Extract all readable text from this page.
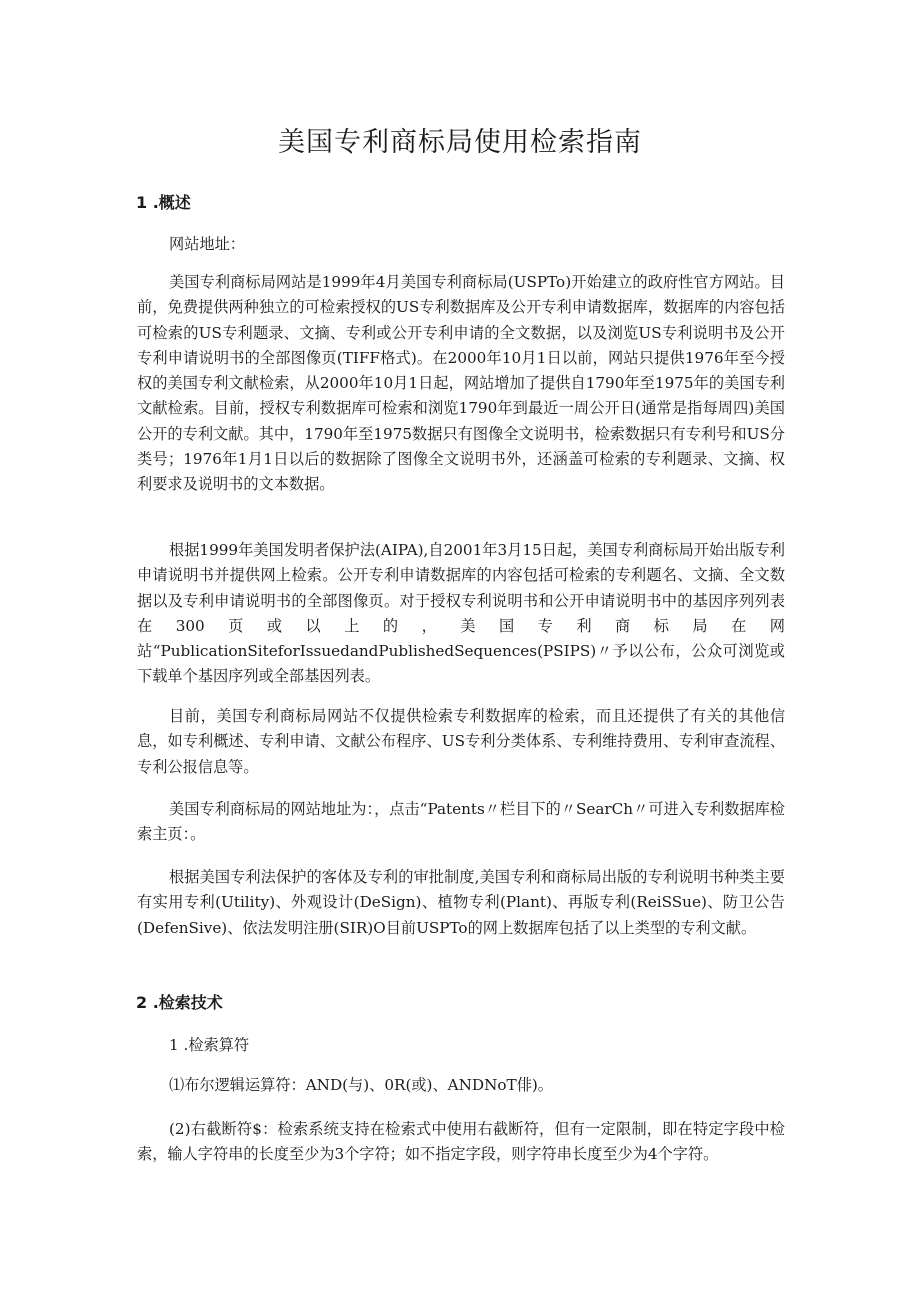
美国专利商标局使用检索指南
1 .概述

网站地址：

美国专利商标局网站是1999年4月美国专利商标局(USPTo)开始建立的政府性官方网站。目前，免费提供两种独立的可检索授权的US专利数据库及公开专利申请数据库，数据库的内容包括可检索的US专利题录、文摘、专利或公开专利申请的全文数据，以及浏览US专利说明书及公开专利申请说明书的全部图像页(TIFF格式)。在2000年10月1日以前，网站只提供1976年至今授权的美国专利文献检索，从2000年10月1日起，网站增加了提供自1790年至1975年的美国专利文献检索。目前，授权专利数据库可检索和浏览1790年到最近一周公开日(通常是指每周四)美国公开的专利文献。其中，1790年至1975数据只有图像全文说明书，检索数据只有专利号和US分类号；1976年1月1日以后的数据除了图像全文说明书外，还涵盖可检索的专利题录、文摘、权利要求及说明书的文本数据。

根据1999年美国发明者保护法(AIPA),自2001年3月15日起，美国专利商标局开始出版专利申请说明书并提供网上检索。公开专利申请数据库的内容包括可检索的专利题名、文摘、全文数据以及专利申请说明书的全部图像页。对于授权专利说明书和公开申请说明书中的基因序列列表在300页或以上的，美国专利商标局在网站“PublicationSiteforIssuedandPublishedSequences(PSIPS)〃予以公布，公众可浏览或下载单个基因序列或全部基因列表。

目前，美国专利商标局网站不仅提供检索专利数据库的检索，而且还提供了有关的其他信息，如专利概述、专利申请、文献公布程序、US专利分类体系、专利维持费用、专利审查流程、专利公报信息等。

美国专利商标局的网站地址为：，点击“Patents〃栏目下的〃SearCh〃可进入专利数据库检索主页：。

根据美国专利法保护的客体及专利的审批制度,美国专利和商标局出版的专利说明书种类主要有实用专利(Utility)、外观设计(DeSign)、植物专利(Plant)、再版专利(ReiSSue)、防卫公告(DefenSive)、依法发明注册(SIR)O目前USPTo的网上数据库包括了以上类型的专利文献。

2 .检索技术

1 .检索算符

⑴布尔逻辑运算符：AND(与)、0R(或)、ANDNoT俳)。

(2)右截断符$：检索系统支持在检索式中使用右截断符，但有一定限制，即在特定字段中检索，输人字符串的长度至少为3个字符；如不指定字段，则字符串长度至少为4个字符。
